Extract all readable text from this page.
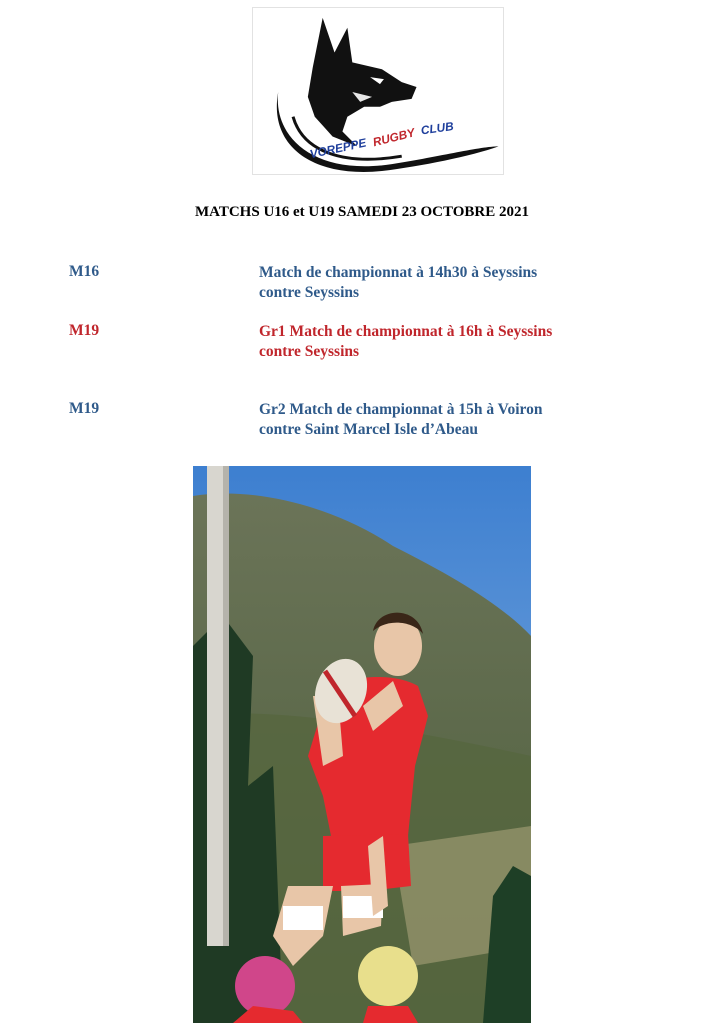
VOREPPE RUGBY CLUB
MATCHS U16 et U19 SAMEDI 23 OCTOBRE 2021
M16	Match de championnat à 14h30 à Seyssins
contre Seyssins
M19	Gr1 Match de championnat à 16h à Seyssins
contre Seyssins
M19	Gr2 Match de championnat à 15h à Voiron
contre Saint Marcel Isle d’Abeau
